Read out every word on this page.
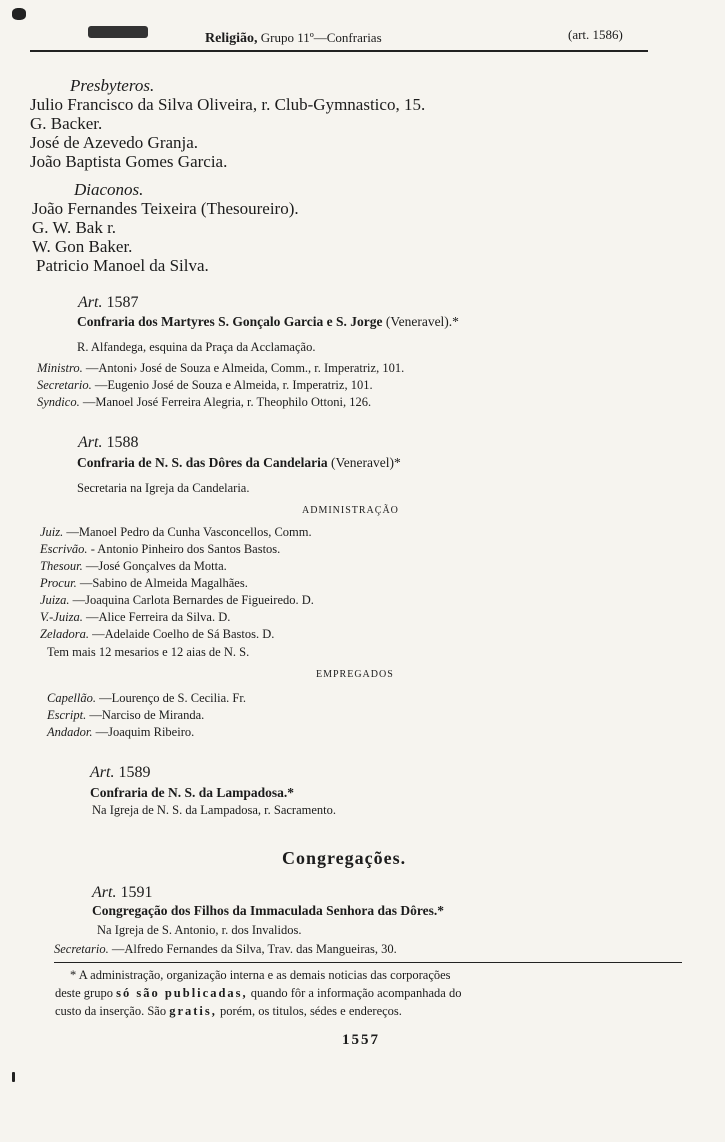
Religião, Grupo 11º—Confrarias	(art. 1586)
Presbyteros.
Julio Francisco da Silva Oliveira, r. Club-Gymnastico, 15.
G. Backer.
José de Azevedo Granja.
João Baptista Gomes Garcia.
Diaconos.
João Fernandes Teixeira (Thesoureiro).
G. W. Bak r.
W. Gon Baker.
Patricio Manoel da Silva.
Art. 1587
Confraria dos Martyres S. Gonçalo Garcia e S. Jorge (Veneravel).*
R. Alfandega, esquina da Praça da Acclamação.
Ministro. —Antoni› José de Souza e Almeida, Comm., r. Imperatriz, 101.
Secretario. —Eugenio José de Souza e Almeida, r. Imperatriz, 101.
Syndico. —Manoel José Ferreira Alegria, r. Theophilo Ottoni, 126.
Art. 1588
Confraria de N. S. das Dôres da Candelaria (Veneravel)*
Secretaria na Igreja da Candelaria.
ADMINISTRAÇÃO
Juiz. —Manoel Pedro da Cunha Vasconcellos, Comm.
Escrivão. - Antonio Pinheiro dos Santos Bastos.
Thesour. —José Gonçalves da Motta.
Procur. —Sabino de Almeida Magalhães.
Juiza. —Joaquina Carlota Bernardes de Figueiredo. D.
V.-Juiza. —Alice Ferreira da Silva. D.
Zeladora. —Adelaide Coelho de Sá Bastos. D.
Tem mais 12 mesarios e 12 aias de N. S.
EMPREGADOS
Capellão. —Lourenço de S. Cecilia. Fr.
Escript. —Narciso de Miranda.
Andador. —Joaquim Ribeiro.
Art. 1589
Confraria de N. S. da Lampadosa.*
Na Igreja de N. S. da Lampadosa, r. Sacramento.
Congregações.
Art. 1591
Congregação dos Filhos da Immaculada Senhora das Dôres.*
Na Igreja de S. Antonio, r. dos Invalidos.
Secretario. —Alfredo Fernandes da Silva, Trav. das Mangueiras, 30.
* A administração, organização interna e as demais noticias das corporações
deste grupo só são publicadas, quando fôr a informação acompanhada do
custo da inserção. São gratis, porém, os titulos, sédes e endereços.
1557
